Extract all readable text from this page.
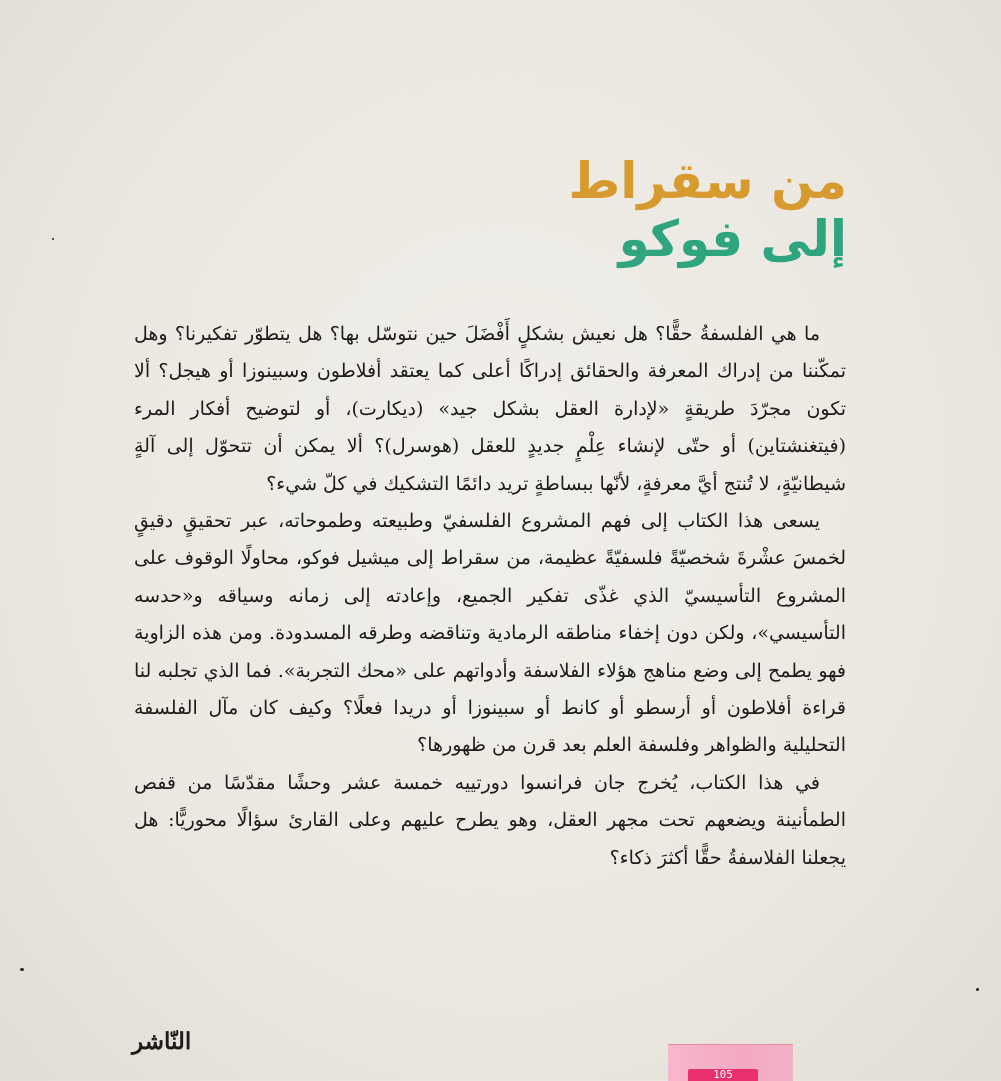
من سقراط
إلى فوكو

ما هي الفلسفةُ حقًّا؟ هل نعيش بشكلٍ أَفْضَلَ حين نتوسّل بها؟ هل يتطوّر تفكيرنا؟ وهل تمكّننا من إدراك المعرفة والحقائق إدراكًا أعلى كما يعتقد أفلاطون وسبينوزا أو هيجل؟ ألا تكون مجرّدَ طريقةٍ «لإدارة العقل بشكل جيد» (ديكارت)، أو لتوضيح أفكار المرء (فيتغنشتاين) أو حتّى لإنشاء عِلْمٍ جديدٍ للعقل (هوسرل)؟ ألا يمكن أن تتحوّل إلى آلةٍ شيطانيّةٍ، لا تُنتج أيَّ معرفةٍ، لأنّها ببساطةٍ تريد دائمًا التشكيك في كلّ شيء؟

يسعى هذا الكتاب إلى فهم المشروع الفلسفيّ وطبيعته وطموحاته، عبر تحقيقٍ دقيقٍ لخمسَ عشْرةَ شخصيّةً فلسفيّةً عظيمة، من سقراط إلى ميشيل فوكو، محاولًا الوقوف على المشروع التأسيسيّ الذي غذّى تفكير الجميع، وإعادته إلى زمانه وسياقه و«حدسه التأسيسي»، ولكن دون إخفاء مناطقه الرمادية وتناقضه وطرقه المسدودة. ومن هذه الزاوية فهو يطمح إلى وضع مناهج هؤلاء الفلاسفة وأدواتهم على «محك التجربة». فما الذي تجلبه لنا قراءة أفلاطون أو أرسطو أو كانط أو سبينوزا أو دريدا فعلًا؟ وكيف كان مآل الفلسفة التحليلية والظواهر وفلسفة العلم بعد قرن من ظهورها؟

في هذا الكتاب، يُخرج جان فرانسوا دورتييه خمسة عشر وحشًا مقدّسًا من قفص الطمأنينة ويضعهم تحت مجهر العقل، وهو يطرح عليهم وعلى القارئ سؤالًا محوريًّا: هل يجعلنا الفلاسفةُ حقًّا أكثرَ ذكاء؟

النّاشر
105
